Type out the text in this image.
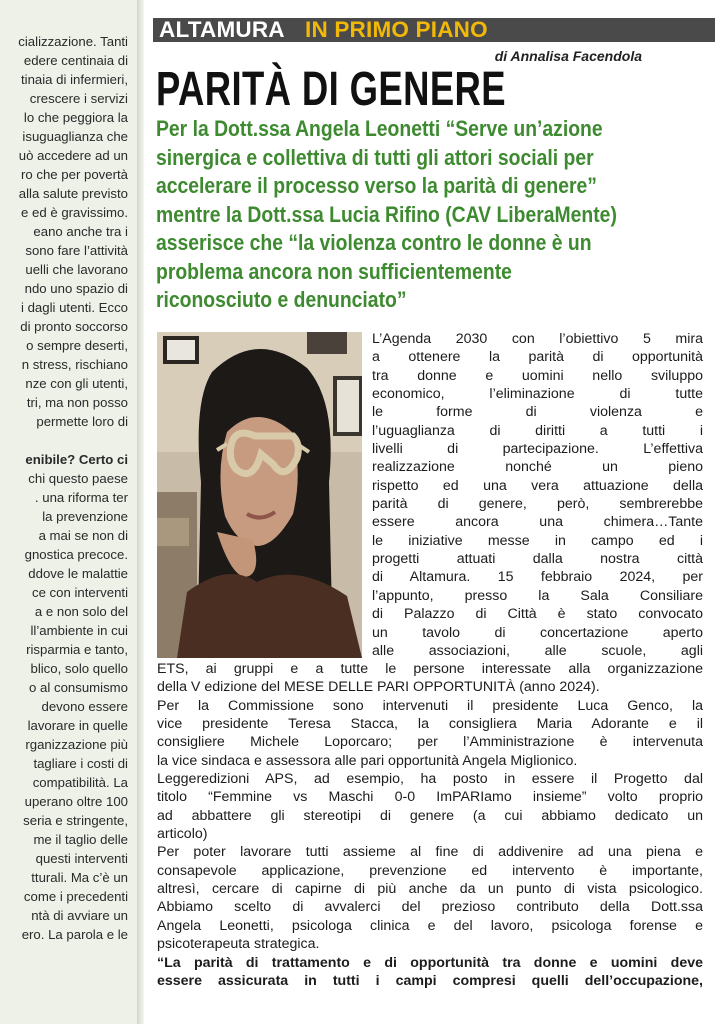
cializzazione. Tanti
edere centinaia di
tinaia di infermieri,
crescere i servizi
lo che peggiora la
isuguaglianza che
uò accedere ad un
ro che per povertà
alla salute previsto
e ed è gravissimo.
eano anche tra i
sono fare l’attività
uelli che lavorano
ndo uno spazio di
i dagli utenti. Ecco
di pronto soccorso
o sempre deserti,
n stress, rischiano
nze con gli utenti,
tri, ma non posso
permette loro di
enibile? Certo ci
chi questo paese
. una riforma ter
la prevenzione
a mai se non di
gnostica precoce.
ddove le malattie
ce con interventi
a e non solo del
ll’ambiente in cui
risparmia e tanto,
blico, solo quello
o al consumismo
devono essere
lavorare in quelle
rganizzazione più
tagliare i costi di
compatibilità. La
uperano oltre 100
seria e stringente,
me il taglio delle
questi interventi
tturali. Ma c’è un
come i precedenti
ntà di avviare un
ero. La parola e le
ALTAMURA IN PRIMO PIANO
di Annalisa Facendola
PARITÀ DI GENERE
Per la Dott.ssa Angela Leonetti “Serve un’azione
sinergica e collettiva di tutti gli attori sociali per
accelerare il processo verso la parità di genere”
mentre la Dott.ssa Lucia Rifino (CAV LiberaMente)
asserisce che “la violenza contro le donne è un
problema ancora non sufficientemente
riconosciuto e denunciato”
L’Agenda 2030 con l’obiettivo 5 mira
a ottenere la parità di opportunità
tra donne e uomini nello sviluppo
economico, l’eliminazione di tutte
le forme di violenza e
l’uguaglianza di diritti a tutti i
livelli di partecipazione. L’effettiva
realizzazione nonché un pieno
rispetto ed una vera attuazione della
parità di genere, però, sembrerebbe
essere ancora una chimera…Tante
le iniziative messe in campo ed i
progetti attuati dalla nostra città
di Altamura. 15 febbraio 2024, per
l’appunto, presso la Sala Consiliare
di Palazzo di Città è stato convocato
un tavolo di concertazione aperto
alle associazioni, alle scuole, agli
ETS, ai gruppi e a tutte le persone interessate alla organizzazione
della V edizione del MESE DELLE PARI OPPORTUNITÀ (anno 2024).
Per la Commissione sono intervenuti il presidente Luca Genco, la
vice presidente Teresa Stacca, la consigliera Maria Adorante e il
consigliere Michele Loporcaro; per l’Amministrazione è intervenuta
la vice sindaca e assessora alle pari opportunità Angela Miglionico.
Leggeredizioni APS, ad esempio, ha posto in essere il Progetto dal
titolo “Femmine vs Maschi 0-0 ImPARIamo insieme” volto proprio
ad abbattere gli stereotipi di genere (a cui abbiamo dedicato un
articolo)
Per poter lavorare tutti assieme al fine di addivenire ad una piena e
consapevole applicazione, prevenzione ed intervento è importante,
altresì, cercare di capirne di più anche da un punto di vista psicologico.
Abbiamo scelto di avvalerci del prezioso contributo della Dott.ssa
Angela Leonetti, psicologa clinica e del lavoro, psicologa forense e
psicoterapeuta strategica.
“La parità di trattamento e di opportunità tra donne e uomini deve
essere assicurata in tutti i campi compresi quelli dell’occupazione,
